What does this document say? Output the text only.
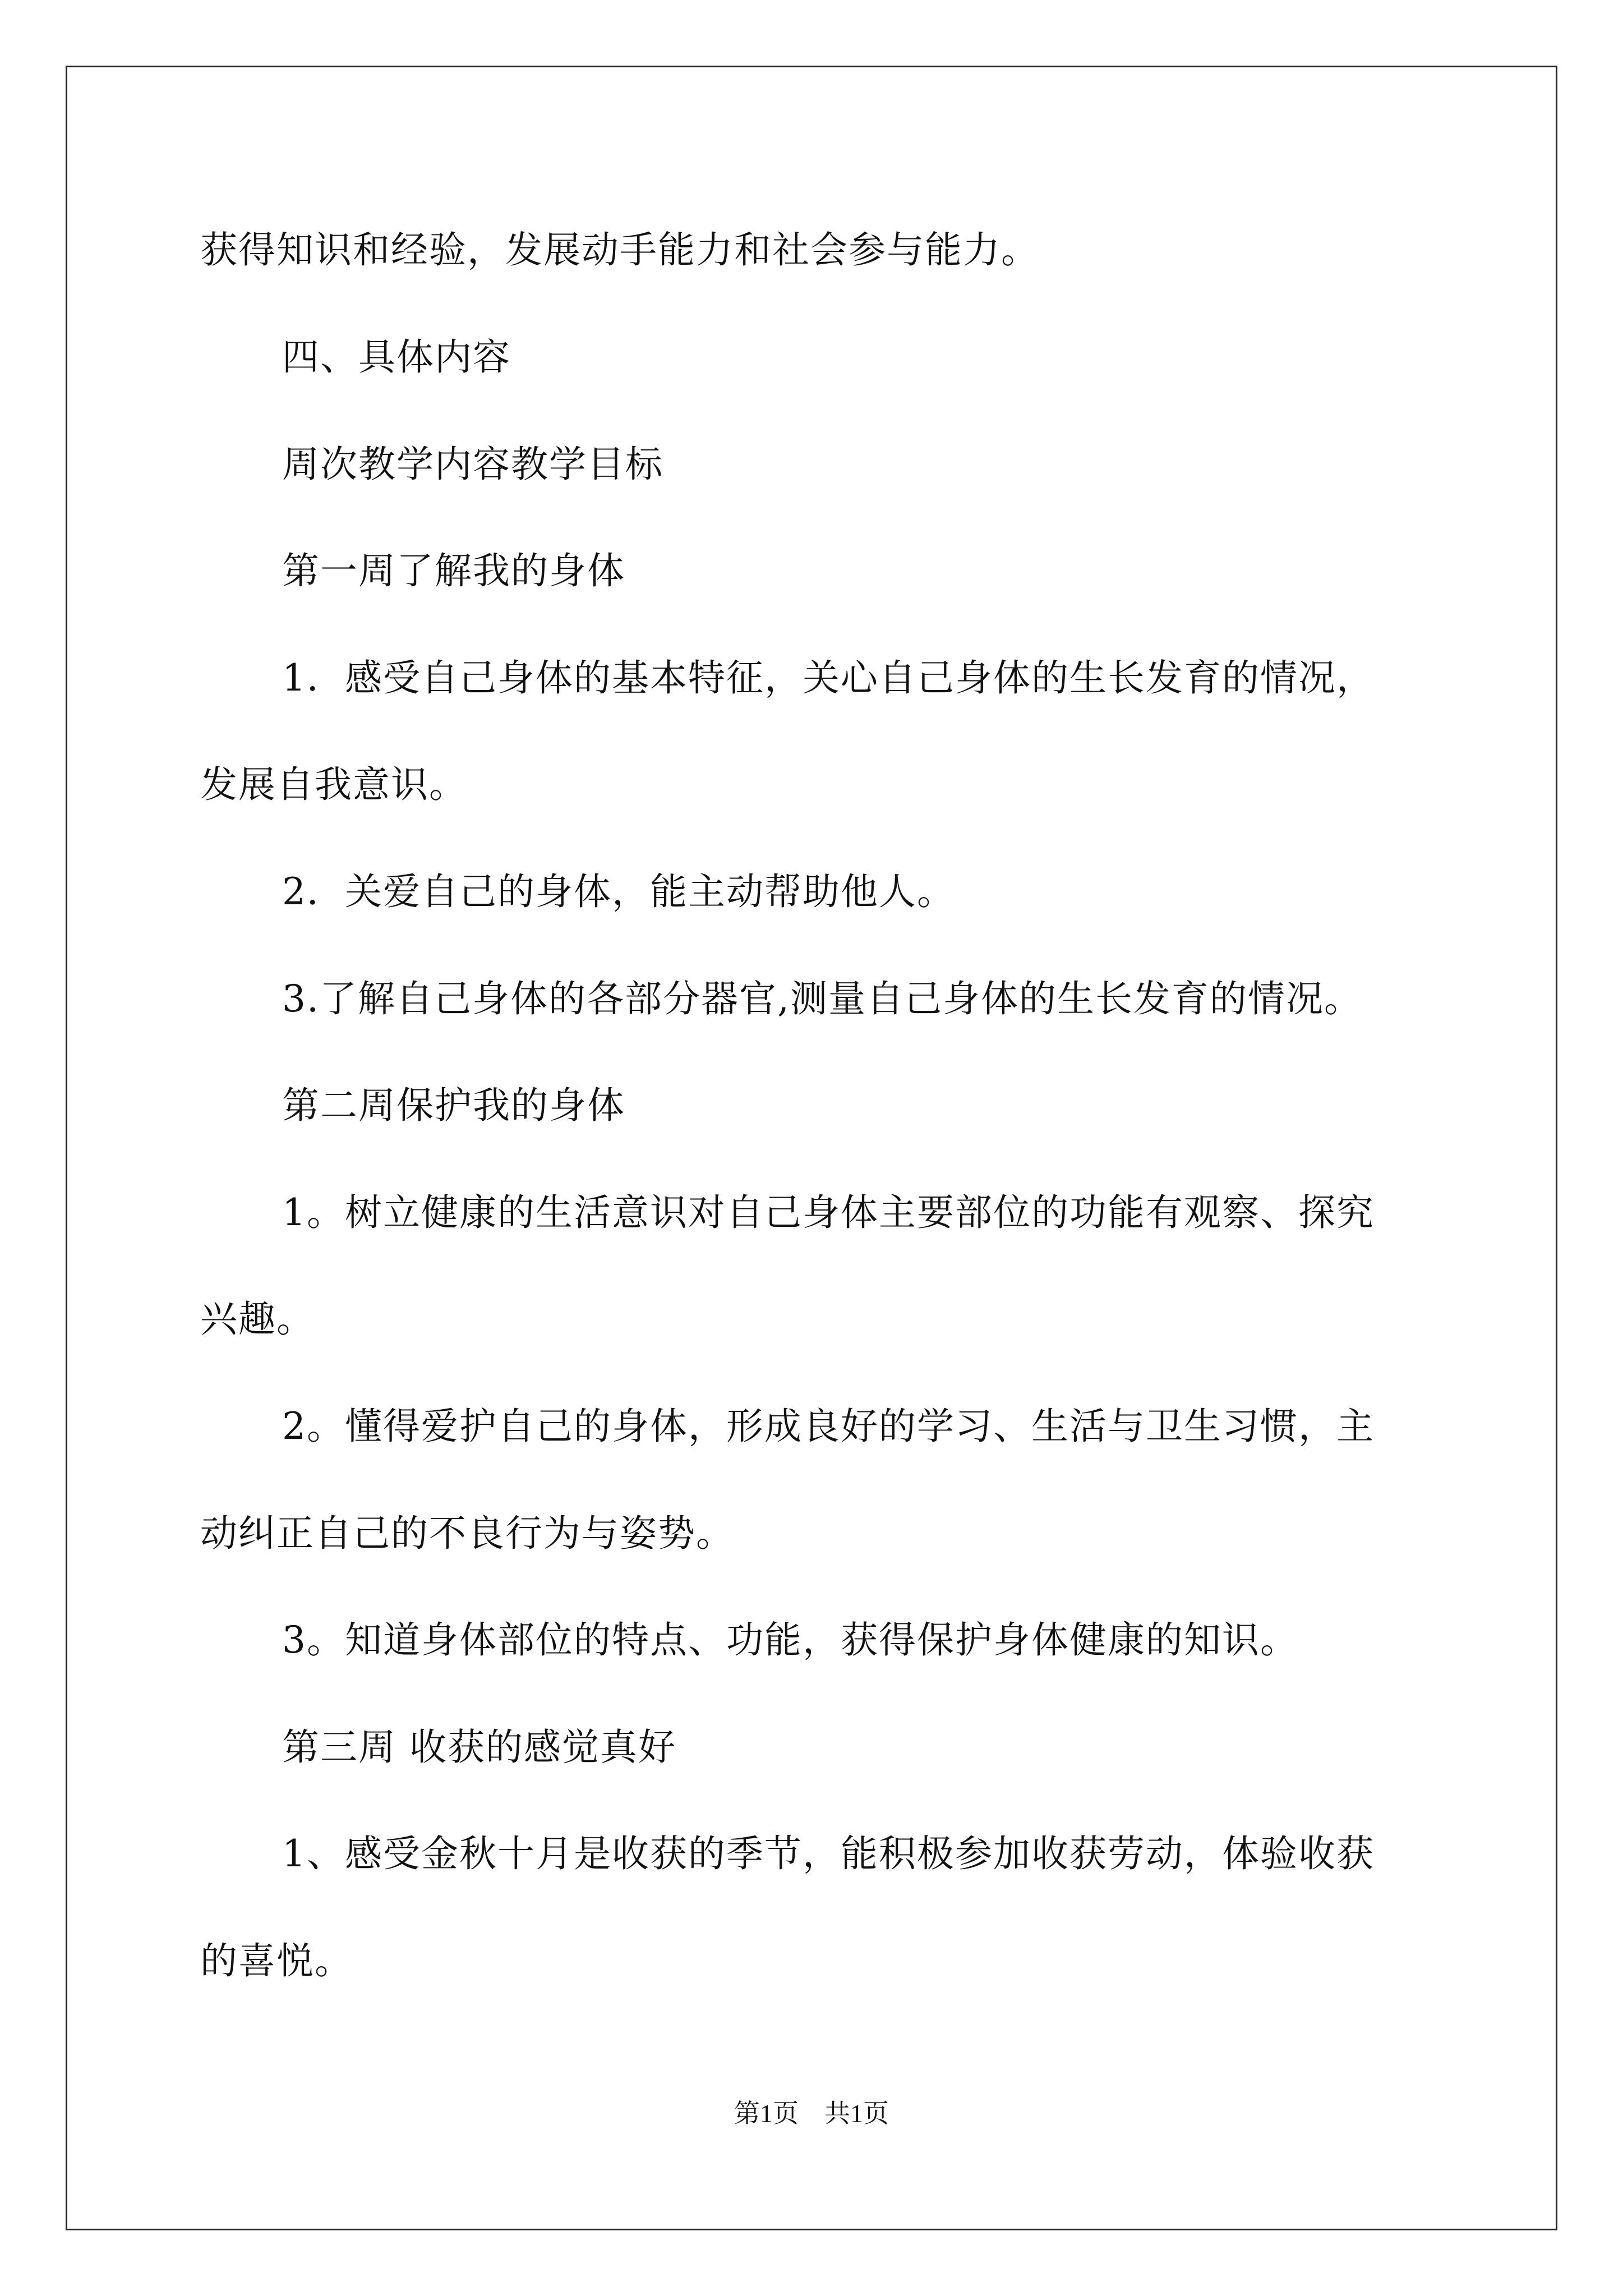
获得知识和经验，发展动手能力和社会参与能力。

四、具体内容

周次教学内容教学目标

第一周了解我的身体

1．感受自己身体的基本特征，关心自己身体的生长发育的情况，

发展自我意识。

2．关爱自己的身体，能主动帮助他人。

3.了解自己身体的各部分器官,测量自己身体的生长发育的情况。

第二周保护我的身体

1。树立健康的生活意识对自己身体主要部位的功能有观察、探究

兴趣。

2。懂得爱护自己的身体，形成良好的学习、生活与卫生习惯，主

动纠正自己的不良行为与姿势。

3。知道身体部位的特点、功能，获得保护身体健康的知识。

第三周 收获的感觉真好

1、感受金秋十月是收获的季节，能积极参加收获劳动，体验收获

的喜悦。

第1页 共1页
